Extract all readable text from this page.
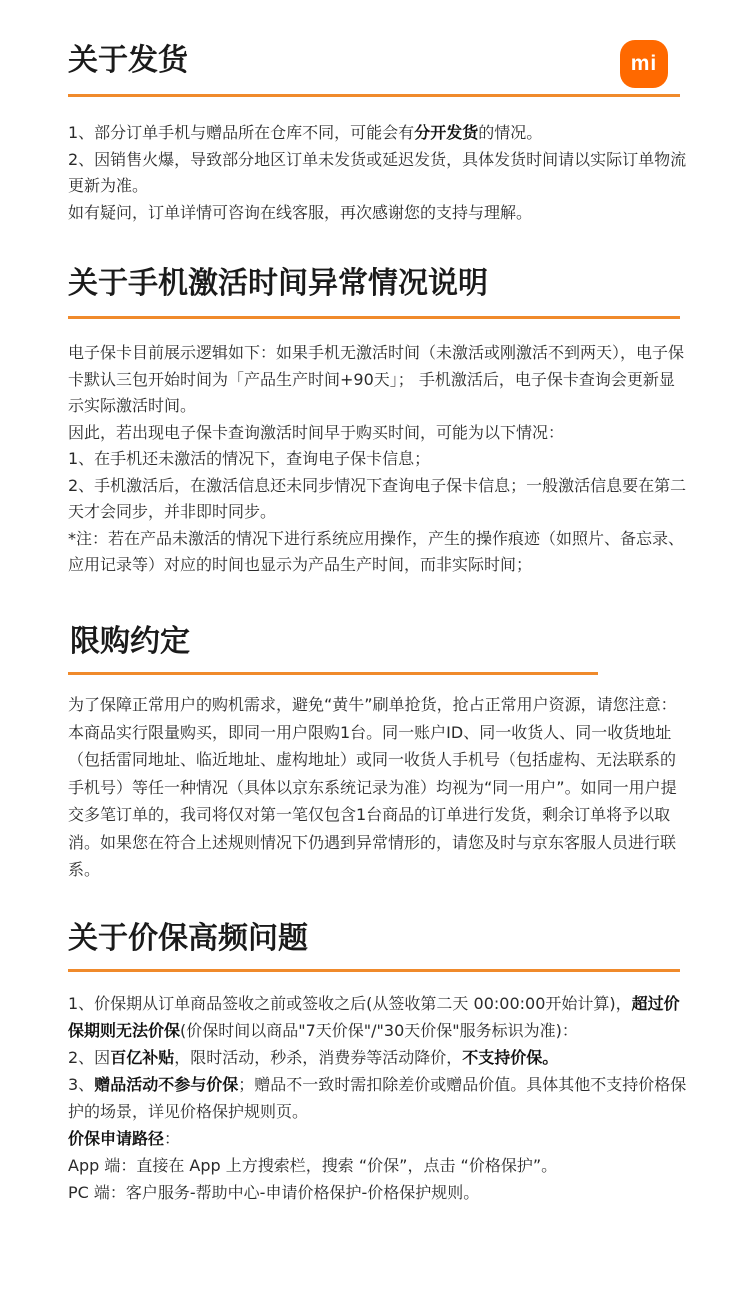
mi
关于发货

1、部分订单手机与赠品所在仓库不同，可能会有分开发货的情况。

2、因销售火爆，导致部分地区订单未发货或延迟发货，具体发货时间请以实际订单物流更新为准。

如有疑问，订单详情可咨询在线客服，再次感谢您的支持与理解。

关于手机激活时间异常情况说明

电子保卡目前展示逻辑如下：如果手机无激活时间（未激活或刚激活不到两天），电子保卡默认三包开始时间为「产品生产时间+90天」； 手机激活后，电子保卡查询会更新显示实际激活时间。

因此，若出现电子保卡查询激活时间早于购买时间，可能为以下情况：

1、在手机还未激活的情况下，查询电子保卡信息；

2、手机激活后，在激活信息还未同步情况下查询电子保卡信息；一般激活信息要在第二天才会同步，并非即时同步。

*注：若在产品未激活的情况下进行系统应用操作，产生的操作痕迹（如照片、备忘录、应用记录等）对应的时间也显示为产品生产时间，而非实际时间；

限购约定

为了保障正常用户的购机需求，避免“黄牛”刷单抢货，抢占正常用户资源，请您注意：本商品实行限量购买，即同一用户限购1台。同一账户ID、同一收货人、同一收货地址（包括雷同地址、临近地址、虚构地址）或同一收货人手机号（包括虚构、无法联系的手机号）等任一种情况（具体以京东系统记录为准）均视为“同一用户”。如同一用户提交多笔订单的，我司将仅对第一笔仅包含1台商品的订单进行发货，剩余订单将予以取消。如果您在符合上述规则情况下仍遇到异常情形的，请您及时与京东客服人员进行联系。

关于价保高频问题

1、价保期从订单商品签收之前或签收之后(从签收第二天 00:00:00开始计算)，超过价保期则无法价保(价保时间以商品"7天价保"/"30天价保"服务标识为准)：

2、因百亿补贴，限时活动，秒杀，消费券等活动降价，不支持价保。

3、赠品活动不参与价保；赠品不一致时需扣除差价或赠品价值。具体其他不支持价格保护的场景，详见价格保护规则页。

价保申请路径：

App 端：直接在 App 上方搜索栏，搜索 “价保”，点击 “价格保护”。

PC 端：客户服务-帮助中心-申请价格保护-价格保护规则。
